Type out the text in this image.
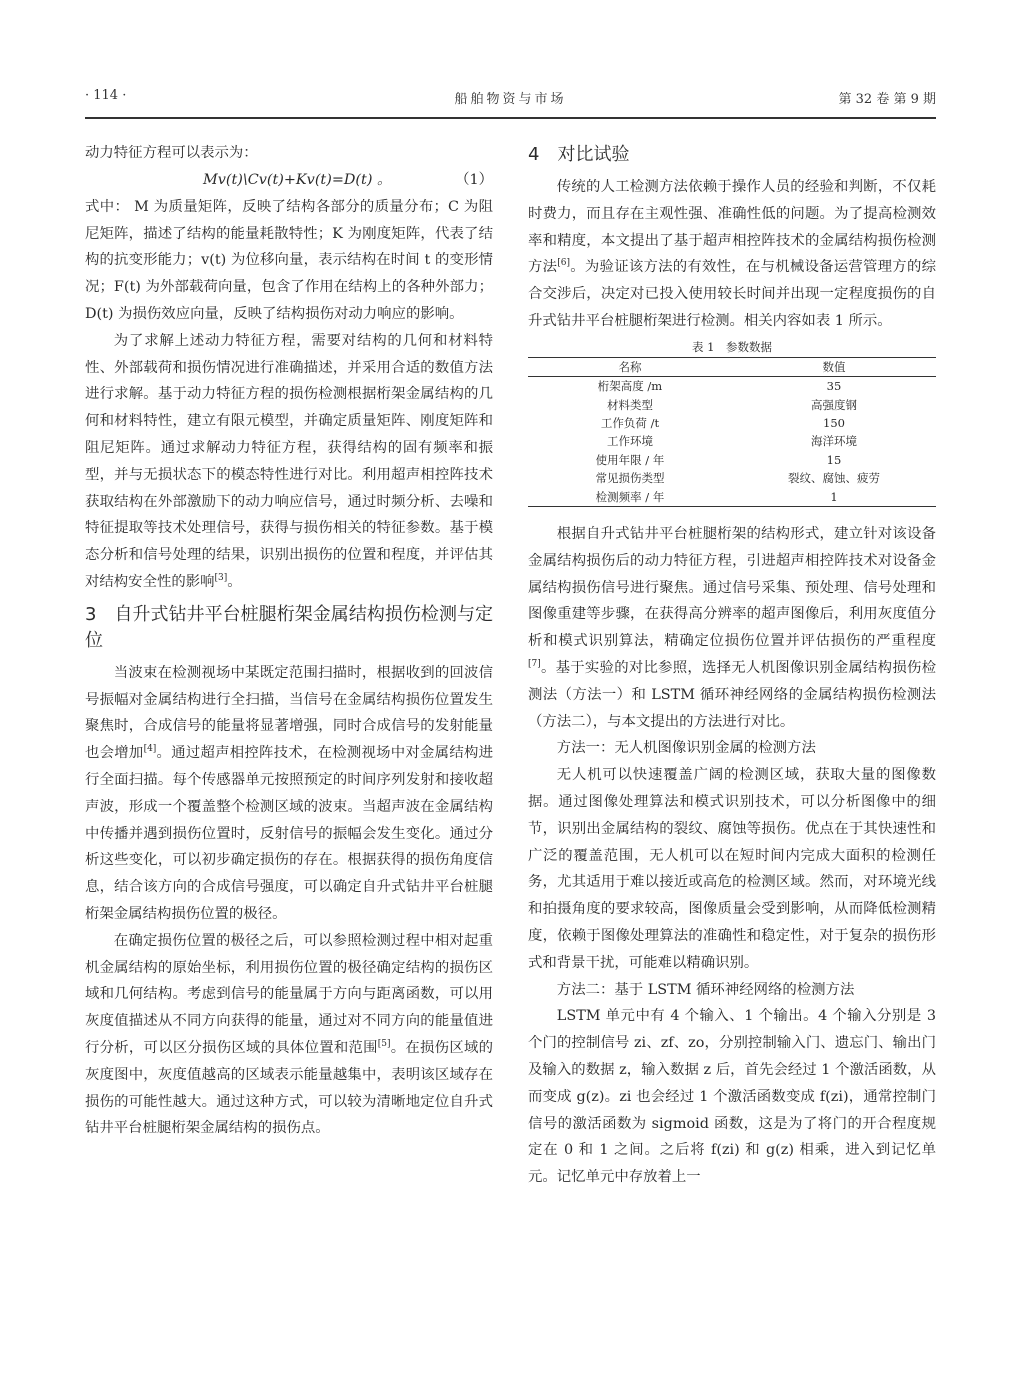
· 114 ·	船舶物资与市场	第 32 卷 第 9 期

动力特征方程可以表示为：

Mv(t)\Cv(t)+Kv(t)=D(t) 。	（1）

式中： M 为质量矩阵，反映了结构各部分的质量分布；C 为阻尼矩阵，描述了结构的能量耗散特性；K 为刚度矩阵，代表了结构的抗变形能力；v(t) 为位移向量，表示结构在时间 t 的变形情况；F(t) 为外部载荷向量，包含了作用在结构上的各种外部力；D(t) 为损伤效应向量，反映了结构损伤对动力响应的影响。

为了求解上述动力特征方程，需要对结构的几何和材料特性、外部载荷和损伤情况进行准确描述，并采用合适的数值方法进行求解。基于动力特征方程的损伤检测根据桁架金属结构的几何和材料特性，建立有限元模型，并确定质量矩阵、刚度矩阵和阻尼矩阵。通过求解动力特征方程，获得结构的固有频率和振型，并与无损状态下的模态特性进行对比。利用超声相控阵技术获取结构在外部激励下的动力响应信号，通过时频分析、去噪和特征提取等技术处理信号，获得与损伤相关的特征参数。基于模态分析和信号处理的结果，识别出损伤的位置和程度，并评估其对结构安全性的影响[3]。

3 自升式钻井平台桩腿桁架金属结构损伤检测与定位

当波束在检测视场中某既定范围扫描时，根据收到的回波信号振幅对金属结构进行全扫描，当信号在金属结构损伤位置发生聚焦时，合成信号的能量将显著增强，同时合成信号的发射能量也会增加[4]。通过超声相控阵技术，在检测视场中对金属结构进行全面扫描。每个传感器单元按照预定的时间序列发射和接收超声波，形成一个覆盖整个检测区域的波束。当超声波在金属结构中传播并遇到损伤位置时，反射信号的振幅会发生变化。通过分析这些变化，可以初步确定损伤的存在。根据获得的损伤角度信息，结合该方向的合成信号强度，可以确定自升式钻井平台桩腿桁架金属结构损伤位置的极径。

在确定损伤位置的极径之后，可以参照检测过程中相对起重机金属结构的原始坐标，利用损伤位置的极径确定结构的损伤区域和几何结构。考虑到信号的能量属于方向与距离函数，可以用灰度值描述从不同方向获得的能量，通过对不同方向的能量值进行分析，可以区分损伤区域的具体位置和范围[5]。在损伤区域的灰度图中，灰度值越高的区域表示能量越集中，表明该区域存在损伤的可能性越大。通过这种方式，可以较为清晰地定位自升式钻井平台桩腿桁架金属结构的损伤点。

4 对比试验

传统的人工检测方法依赖于操作人员的经验和判断，不仅耗时费力，而且存在主观性强、准确性低的问题。为了提高检测效率和精度，本文提出了基于超声相控阵技术的金属结构损伤检测方法[6]。为验证该方法的有效性，在与机械设备运营管理方的综合交涉后，决定对已投入使用较长时间并出现一定程度损伤的自升式钻井平台桩腿桁架进行检测。相关内容如表 1 所示。

表 1　参数数据
名称	数值
桁架高度 /m	35
材料类型	高强度钢
工作负荷 /t	150
工作环境	海洋环境
使用年限 / 年	15
常见损伤类型	裂纹、腐蚀、疲劳
检测频率 / 年	1

根据自升式钻井平台桩腿桁架的结构形式，建立针对该设备金属结构损伤后的动力特征方程，引进超声相控阵技术对设备金属结构损伤信号进行聚焦。通过信号采集、预处理、信号处理和图像重建等步骤，在获得高分辨率的超声图像后，利用灰度值分析和模式识别算法，精确定位损伤位置并评估损伤的严重程度[7]。基于实验的对比参照，选择无人机图像识别金属结构损伤检测法（方法一）和 LSTM 循环神经网络的金属结构损伤检测法（方法二），与本文提出的方法进行对比。

方法一：无人机图像识别金属的检测方法

无人机可以快速覆盖广阔的检测区域，获取大量的图像数据。通过图像处理算法和模式识别技术，可以分析图像中的细节，识别出金属结构的裂纹、腐蚀等损伤。优点在于其快速性和广泛的覆盖范围，无人机可以在短时间内完成大面积的检测任务，尤其适用于难以接近或高危的检测区域。然而，对环境光线和拍摄角度的要求较高，图像质量会受到影响，从而降低检测精度，依赖于图像处理算法的准确性和稳定性，对于复杂的损伤形式和背景干扰，可能难以精确识别。

方法二：基于 LSTM 循环神经网络的检测方法

LSTM 单元中有 4 个输入、1 个输出。4 个输入分别是 3 个门的控制信号 zi、zf、zo，分别控制输入门、遗忘门、输出门及输入的数据 z，输入数据 z 后，首先会经过 1 个激活函数，从而变成 g(z)。zi 也会经过 1 个激活函数变成 f(zi)，通常控制门信号的激活函数为 sigmoid 函数，这是为了将门的开合程度规定在 0 和 1 之间。之后将 f(zi) 和 g(z) 相乘，进入到记忆单元。记忆单元中存放着上一
